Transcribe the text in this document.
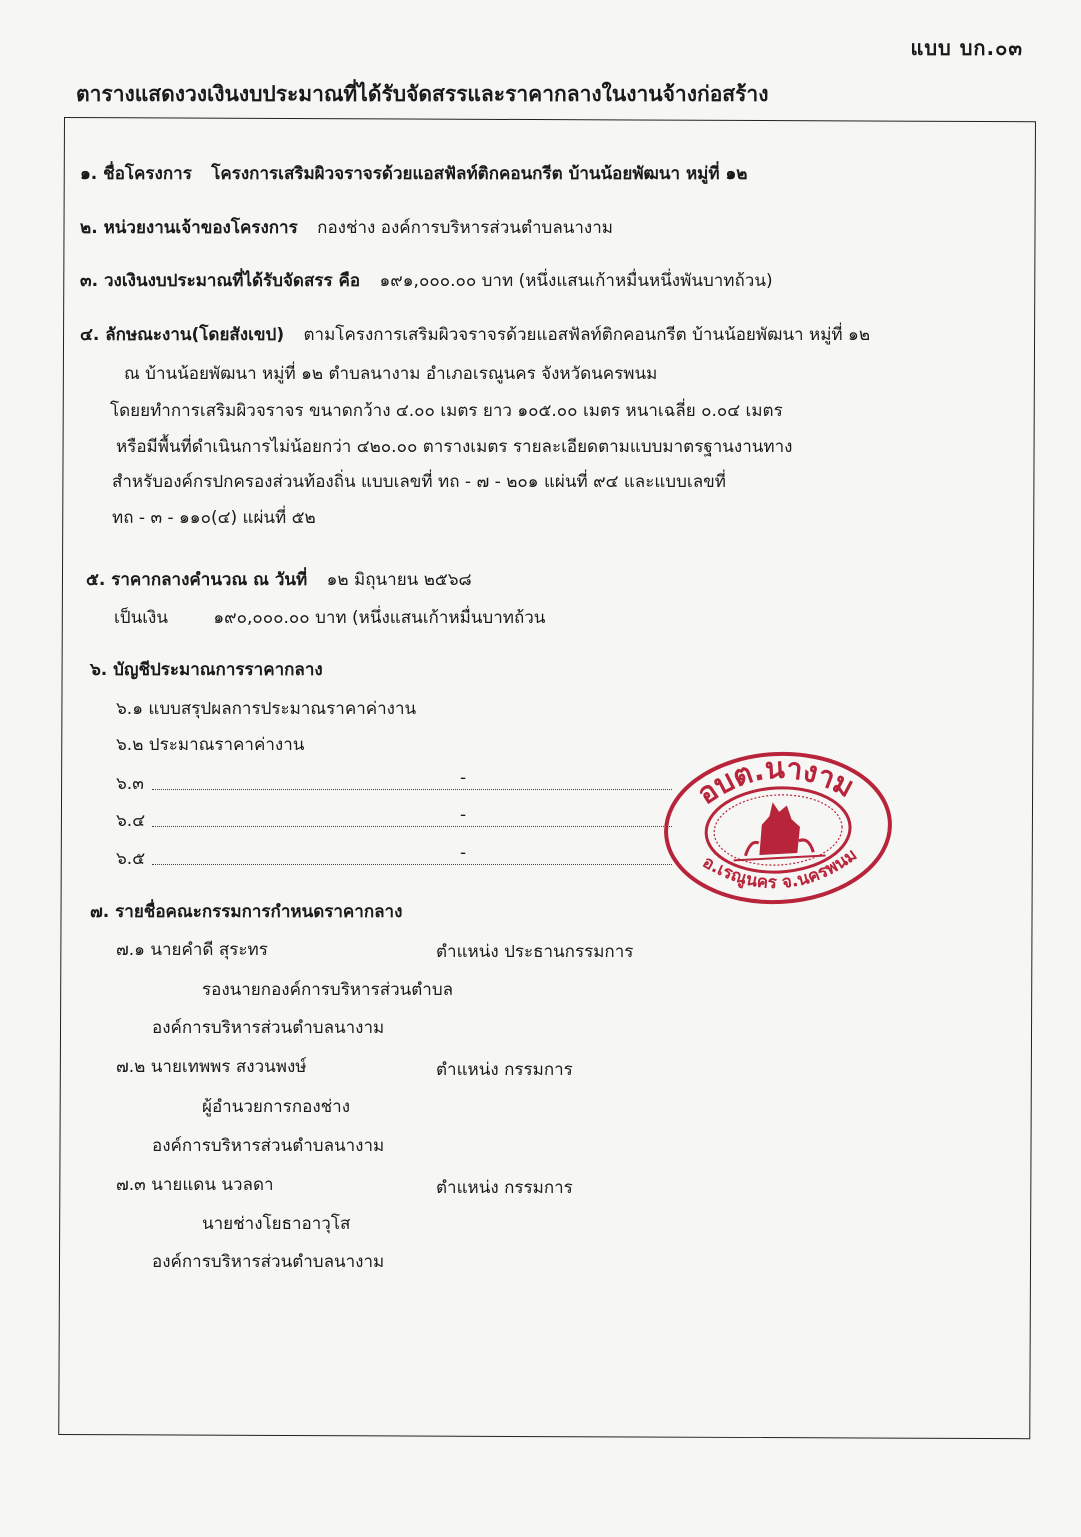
แบบ บก.๐๓
ตารางแสดงวงเงินงบประมาณที่ได้รับจัดสรรและราคากลางในงานจ้างก่อสร้าง
๑. ชื่อโครงการ โครงการเสริมผิวจราจรด้วยแอสฟัลท์ติกคอนกรีต บ้านน้อยพัฒนา หมู่ที่ ๑๒
๒. หน่วยงานเจ้าของโครงการ กองช่าง องค์การบริหารส่วนตำบลนางาม
๓. วงเงินงบประมาณที่ได้รับจัดสรร คือ ๑๙๑,๐๐๐.๐๐ บาท (หนึ่งแสนเก้าหมื่นหนึ่งพันบาทถ้วน)
๔. ลักษณะงาน(โดยสังเขป) ตามโครงการเสริมผิวจราจรด้วยแอสฟัลท์ติกคอนกรีต บ้านน้อยพัฒนา หมู่ที่ ๑๒
ณ บ้านน้อยพัฒนา หมู่ที่ ๑๒ ตำบลนางาม อำเภอเรณูนคร จังหวัดนครพนม
โดยยทำการเสริมผิวจราจร ขนาดกว้าง ๔.๐๐ เมตร ยาว ๑๐๕.๐๐ เมตร หนาเฉลี่ย ๐.๐๔ เมตร
หรือมีพื้นที่ดำเนินการไม่น้อยกว่า ๔๒๐.๐๐ ตารางเมตร รายละเอียดตามแบบมาตรฐานงานทาง
สำหรับองค์กรปกครองส่วนท้องถิ่น แบบเลขที่ ทถ - ๗ - ๒๐๑ แผ่นที่ ๙๔ และแบบเลขที่
ทถ - ๓ - ๑๑๐(๔) แผ่นที่ ๕๒
๕. ราคากลางคำนวณ ณ วันที่ ๑๒ มิถุนายน ๒๕๖๘
เป็นเงิน	๑๙๐,๐๐๐.๐๐ บาท (หนึ่งแสนเก้าหมื่นบาทถ้วน
๖. บัญชีประมาณการราคากลาง
๖.๑ แบบสรุปผลการประมาณราคาค่างาน
๖.๒ ประมาณราคาค่างาน
๖.๓	-
๖.๔	-
๖.๕	-
๗. รายชื่อคณะกรรมการกำหนดราคากลาง
๗.๑ นายคำดี สุระทร	ตำแหน่ง ประธานกรรมการ
รองนายกองค์การบริหารส่วนตำบล
องค์การบริหารส่วนตำบลนางาม
๗.๒ นายเทพพร สงวนพงษ์	ตำแหน่ง กรรมการ
ผู้อำนวยการกองช่าง
องค์การบริหารส่วนตำบลนางาม
๗.๓ นายแดน นวลดา	ตำแหน่ง กรรมการ
นายช่างโยธาอาวุโส
องค์การบริหารส่วนตำบลนางาม
อบต.นางาม
อ.เรณูนคร จ.นครพนม
